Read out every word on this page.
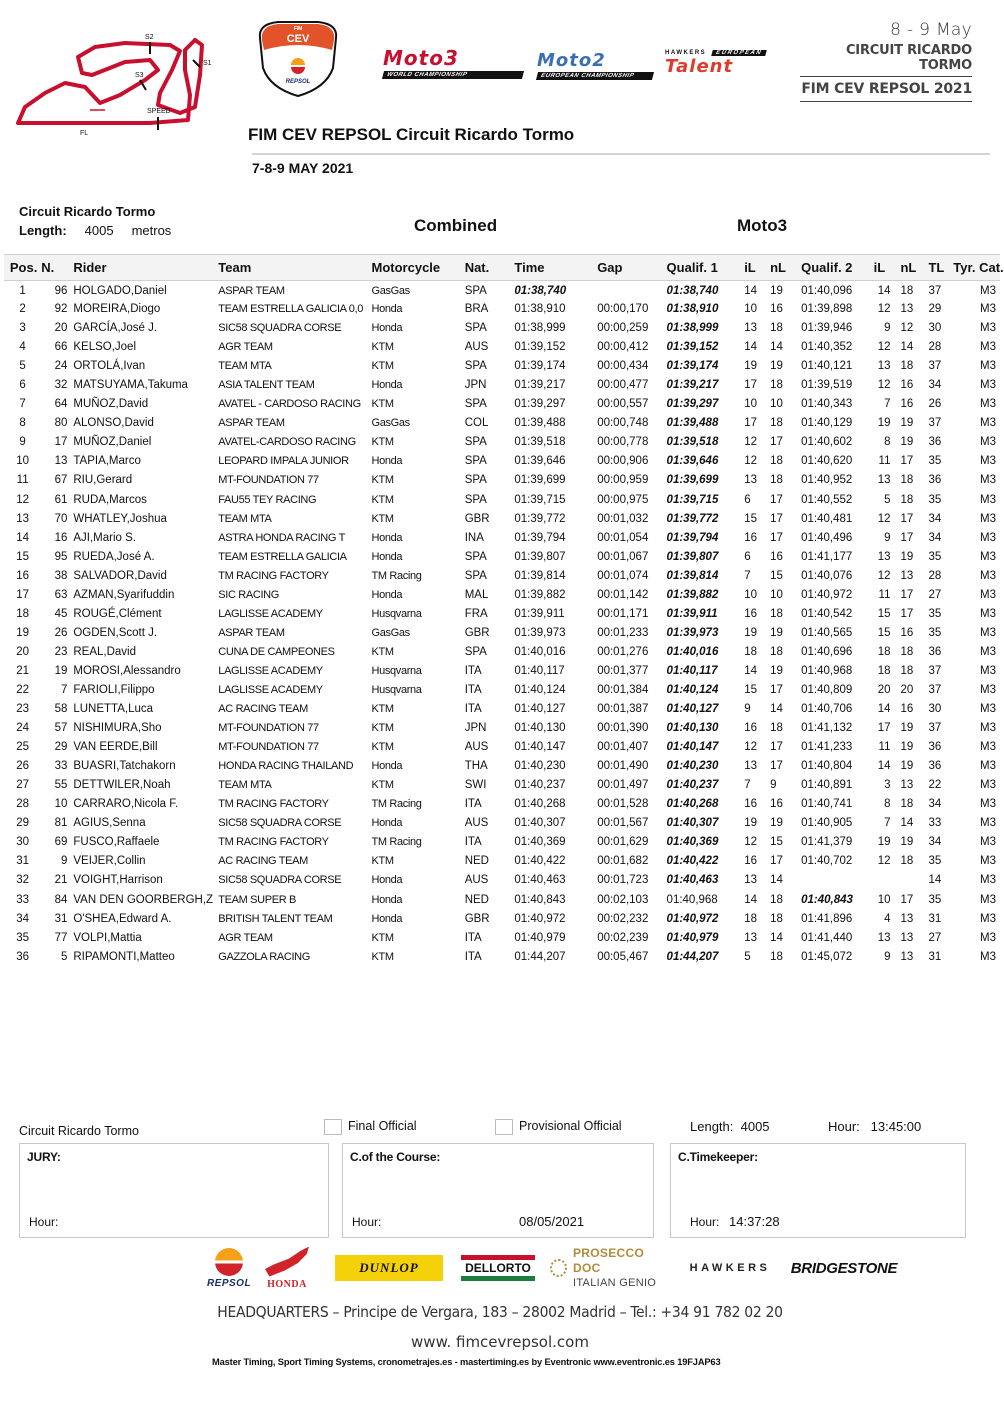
S2
S1
S3
SPEED
FL
FIM
CEV
REPSOL
Moto3
WORLD CHAMPIONSHIP
Moto2
EUROPEAN CHAMPIONSHIP
HAWKERS	EUROPEAN
Talent
8 - 9 May
CIRCUIT RICARDO TORMO
FIM CEV REPSOL 2021
FIM CEV REPSOL Circuit Ricardo Tormo
7-8-9 MAY 2021
Circuit Ricardo Tormo
Length: 4005 metros	Combined	Moto3
Pos.	N.	Rider	Team	Motorcycle	Nat.	Time	Gap	Qualif. 1	iL	nL	Qualif. 2	iL	nL	TL	Tyr. Cat.
1	96	HOLGADO,Daniel	ASPAR TEAM	GasGas	SPA	01:38,740		01:38,740	14	19	01:40,096	14	18	37	M3
2	92	MOREIRA,Diogo	TEAM ESTRELLA GALICIA 0,0	Honda	BRA	01:38,910	00:00,170	01:38,910	10	16	01:39,898	12	13	29	M3
3	20	GARCÍA,José J.	SIC58 SQUADRA CORSE	Honda	SPA	01:38,999	00:00,259	01:38,999	13	18	01:39,946	9	12	30	M3
4	66	KELSO,Joel	AGR TEAM	KTM	AUS	01:39,152	00:00,412	01:39,152	14	14	01:40,352	12	14	28	M3
5	24	ORTOLÁ,Ivan	TEAM MTA	KTM	SPA	01:39,174	00:00,434	01:39,174	19	19	01:40,121	13	18	37	M3
6	32	MATSUYAMA,Takuma	ASIA TALENT TEAM	Honda	JPN	01:39,217	00:00,477	01:39,217	17	18	01:39,519	12	16	34	M3
7	64	MUÑOZ,David	AVATEL - CARDOSO RACING	KTM	SPA	01:39,297	00:00,557	01:39,297	10	10	01:40,343	7	16	26	M3
8	80	ALONSO,David	ASPAR TEAM	GasGas	COL	01:39,488	00:00,748	01:39,488	17	18	01:40,129	19	19	37	M3
9	17	MUÑOZ,Daniel	AVATEL-CARDOSO RACING	KTM	SPA	01:39,518	00:00,778	01:39,518	12	17	01:40,602	8	19	36	M3
10	13	TAPIA,Marco	LEOPARD IMPALA JUNIOR	Honda	SPA	01:39,646	00:00,906	01:39,646	12	18	01:40,620	11	17	35	M3
11	67	RIU,Gerard	MT-FOUNDATION 77	KTM	SPA	01:39,699	00:00,959	01:39,699	13	18	01:40,952	13	18	36	M3
12	61	RUDA,Marcos	FAU55 TEY RACING	KTM	SPA	01:39,715	00:00,975	01:39,715	6	17	01:40,552	5	18	35	M3
13	70	WHATLEY,Joshua	TEAM MTA	KTM	GBR	01:39,772	00:01,032	01:39,772	15	17	01:40,481	12	17	34	M3
14	16	AJI,Mario S.	ASTRA HONDA RACING T	Honda	INA	01:39,794	00:01,054	01:39,794	16	17	01:40,496	9	17	34	M3
15	95	RUEDA,José A.	TEAM ESTRELLA GALICIA	Honda	SPA	01:39,807	00:01,067	01:39,807	6	16	01:41,177	13	19	35	M3
16	38	SALVADOR,David	TM RACING FACTORY	TM Racing	SPA	01:39,814	00:01,074	01:39,814	7	15	01:40,076	12	13	28	M3
17	63	AZMAN,Syarifuddin	SIC RACING	Honda	MAL	01:39,882	00:01,142	01:39,882	10	10	01:40,972	11	17	27	M3
18	45	ROUGÉ,Clément	LAGLISSE ACADEMY	Husqvarna	FRA	01:39,911	00:01,171	01:39,911	16	18	01:40,542	15	17	35	M3
19	26	OGDEN,Scott J.	ASPAR TEAM	GasGas	GBR	01:39,973	00:01,233	01:39,973	19	19	01:40,565	15	16	35	M3
20	23	REAL,David	CUNA DE CAMPEONES	KTM	SPA	01:40,016	00:01,276	01:40,016	18	18	01:40,696	18	18	36	M3
21	19	MOROSI,Alessandro	LAGLISSE ACADEMY	Husqvarna	ITA	01:40,117	00:01,377	01:40,117	14	19	01:40,968	18	18	37	M3
22	7	FARIOLI,Filippo	LAGLISSE ACADEMY	Husqvarna	ITA	01:40,124	00:01,384	01:40,124	15	17	01:40,809	20	20	37	M3
23	58	LUNETTA,Luca	AC RACING TEAM	KTM	ITA	01:40,127	00:01,387	01:40,127	9	14	01:40,706	14	16	30	M3
24	57	NISHIMURA,Sho	MT-FOUNDATION 77	KTM	JPN	01:40,130	00:01,390	01:40,130	16	18	01:41,132	17	19	37	M3
25	29	VAN EERDE,Bill	MT-FOUNDATION 77	KTM	AUS	01:40,147	00:01,407	01:40,147	12	17	01:41,233	11	19	36	M3
26	33	BUASRI,Tatchakorn	HONDA RACING THAILAND	Honda	THA	01:40,230	00:01,490	01:40,230	13	17	01:40,804	14	19	36	M3
27	55	DETTWILER,Noah	TEAM MTA	KTM	SWI	01:40,237	00:01,497	01:40,237	7	9	01:40,891	3	13	22	M3
28	10	CARRARO,Nicola F.	TM RACING FACTORY	TM Racing	ITA	01:40,268	00:01,528	01:40,268	16	16	01:40,741	8	18	34	M3
29	81	AGIUS,Senna	SIC58 SQUADRA CORSE	Honda	AUS	01:40,307	00:01,567	01:40,307	19	19	01:40,905	7	14	33	M3
30	69	FUSCO,Raffaele	TM RACING FACTORY	TM Racing	ITA	01:40,369	00:01,629	01:40,369	12	15	01:41,379	19	19	34	M3
31	9	VEIJER,Collin	AC RACING TEAM	KTM	NED	01:40,422	00:01,682	01:40,422	16	17	01:40,702	12	18	35	M3
32	21	VOIGHT,Harrison	SIC58 SQUADRA CORSE	Honda	AUS	01:40,463	00:01,723	01:40,463	13	14				14	M3
33	84	VAN DEN GOORBERGH,Z	TEAM SUPER B	Honda	NED	01:40,843	00:02,103	01:40,968	14	18	01:40,843	10	17	35	M3
34	31	O'SHEA,Edward A.	BRITISH TALENT TEAM	Honda	GBR	01:40,972	00:02,232	01:40,972	18	18	01:41,896	4	13	31	M3
35	77	VOLPI,Mattia	AGR TEAM	KTM	ITA	01:40,979	00:02,239	01:40,979	13	14	01:41,440	13	13	27	M3
36	5	RIPAMONTI,Matteo	GAZZOLA RACING	KTM	ITA	01:44,207	00:05,467	01:44,207	5	18	01:45,072	9	13	31	M3
Circuit Ricardo Tormo	Final Official	Provisional Official	Length: 4005	Hour: 13:45:00
JURY:
Hour:
C.of the Course:
Hour:	08/05/2021
C.Timekeeper:
Hour: 14:37:28
REPSOL HONDA
DUNLOP	DELLORTO
PROSECCO DOC
ITALIAN GENIO
HAWKERS BRIDGESTONE
HEADQUARTERS – Principe de Vergara, 183 – 28002 Madrid – Tel.: +34 91 782 02 20
www. fimcevrepsol.com
Master Timing, Sport Timing Systems, cronometrajes.es - mastertiming.es by Eventronic www.eventronic.es 19FJAP63
